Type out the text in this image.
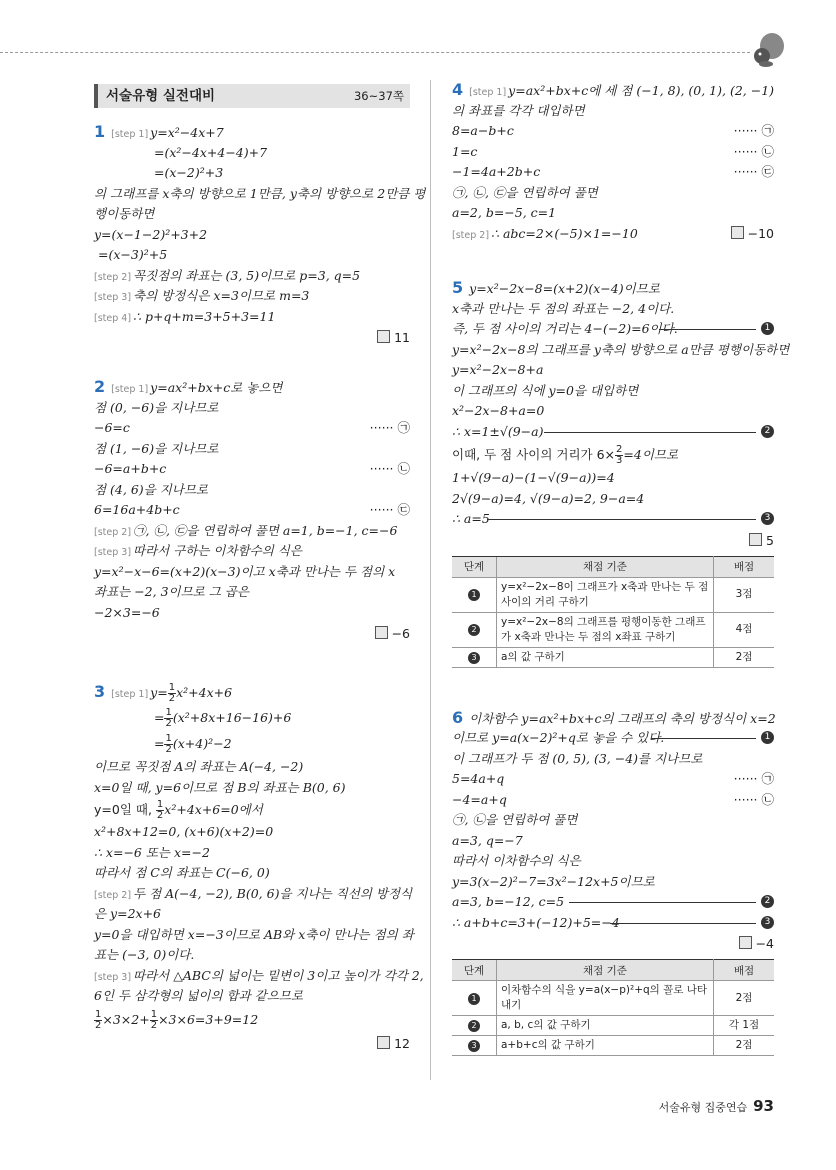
서술유형 실전대비	36~37쪽
1 [step 1] y=x²−4x+7
=(x²−4x+4−4)+7
=(x−2)²+3
의 그래프를 x축의 방향으로 1만큼, y축의 방향으로 2만큼 평
행이동하면
y=(x−1−2)²+3+2
=(x−3)²+5
[step 2] 꼭짓점의 좌표는 (3, 5)이므로 p=3, q=5
[step 3] 축의 방정식은 x=3이므로 m=3
[step 4] ∴ p+q+m=3+5+3=11
11
2 [step 1] y=ax²+bx+c로 놓으면
점 (0, −6)을 지나므로
−6=c	······ ㉠
점 (1, −6)을 지나므로
−6=a+b+c	······ ㉡
점 (4, 6)을 지나므로
6=16a+4b+c	······ ㉢
[step 2] ㉠, ㉡, ㉢을 연립하여 풀면 a=1, b=−1, c=−6
[step 3] 따라서 구하는 이차함수의 식은
y=x²−x−6=(x+2)(x−3)이고 x축과 만나는 두 점의 x
좌표는 −2, 3이므로 그 곱은
−2×3=−6
−6
3 [step 1] $y= \frac{1}{2} x^2+4x+6$
= $\frac{1}{2} (x^2+8x+16-16)+6$
= $\frac{1}{2} (x+4)^2-2$
이므로 꼭짓점 A의 좌표는 A(−4, −2)
x=0일 때, y=6이므로 점 B의 좌표는 B(0, 6)
y=0일 때, $\frac{1}{2} x^2+4x+6=0$에서
x²+8x+12=0, (x+6)(x+2)=0
∴ x=−6 또는 x=−2
따라서 점 C의 좌표는 C(−6, 0)
[step 2] 두 점 A(−4, −2), B(0, 6)을 지나는 직선의 방정식
은 y=2x+6
y=0을 대입하면 x=−3이므로 AB와 x축이 만나는 점의 좌
표는 (−3, 0)이다.
[step 3] 따라서 △ABC의 넓이는 밑변이 3이고 높이가 각각 2,
6인 두 삼각형의 넓이의 합과 같으므로
$\frac{1}{2} \times 3\times 2+ \frac{1}{2} \times 3\times 6=3+9=12$
12
4 [step 1] y=ax²+bx+c에 세 점 (−1, 8), (0, 1), (2, −1)
의 좌표를 각각 대입하면
8=a−b+c	······ ㉠
1=c	······ ㉡
−1=4a+2b+c	······ ㉢
㉠, ㉡, ㉢을 연립하여 풀면
a=2, b=−5, c=1
[step 2] ∴ abc=2×(−5)×1=−10	−10
5 y=x²−2x−8=(x+2)(x−4)이므로
x축과 만나는 두 점의 좌표는 −2, 4이다.
즉, 두 점 사이의 거리는 4−(−2)=6이다.	1
y=x²−2x−8의 그래프를 y축의 방향으로 a만큼 평행이동하면
y=x²−2x−8+a
이 그래프의 식에 y=0을 대입하면
x²−2x−8+a=0
∴ x=1±√(9−a)	2
이때, 두 점 사이의 거리가 $6\times \frac{2}{3} =4$이므로
1+√(9−a)−(1−√(9−a))=4
2√(9−a)=4, √(9−a)=2, 9−a=4
∴ a=5	3
5
단계	채점 기준	배점
1	y=x²−2x−8이 그래프가 x축과 만나는 두 점 사이의 거리 구하기	3점
2	y=x²−2x−8의 그래프를 평행이동한 그래프가 x축과 만나는 두 점의 x좌표 구하기	4점
3	a의 값 구하기	2점
6 이차함수 y=ax²+bx+c의 그래프의 축의 방정식이 x=2
이므로 y=a(x−2)²+q로 놓을 수 있다.	1
이 그래프가 두 점 (0, 5), (3, −4)를 지나므로
5=4a+q	······ ㉠
−4=a+q	······ ㉡
㉠, ㉡을 연립하여 풀면
a=3, q=−7
따라서 이차함수의 식은
y=3(x−2)²−7=3x²−12x+5이므로
a=3, b=−12, c=5	2
∴ a+b+c=3+(−12)+5=−4	3
−4
단계	채점 기준	배점
1	이차함수의 식을 y=a(x−p)²+q의 꼴로 나타내기	2점
2	a, b, c의 값 구하기	각 1점
3	a+b+c의 값 구하기	2점
서술유형 집중연습 93
